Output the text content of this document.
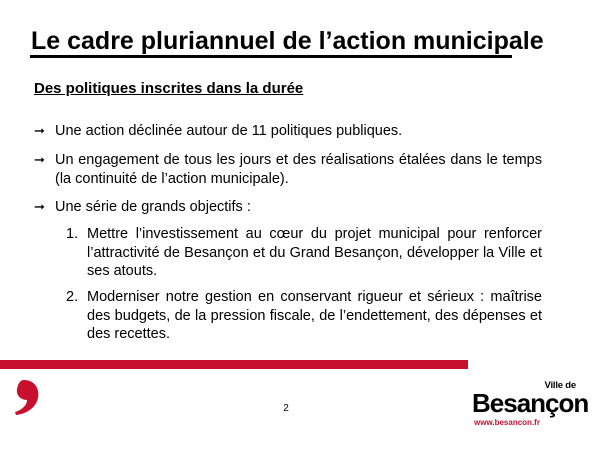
Le cadre pluriannuel de l’action municipale
Des politiques inscrites dans la durée
➞ Une action déclinée autour de 11 politiques publiques.
➞ Un engagement de tous les jours et des réalisations étalées dans le temps (la continuité de l’action municipale).
➞ Une série de grands objectifs :
1. Mettre l’investissement au cœur du projet municipal pour renforcer l’attractivité de Besançon et du Grand Besançon, développer la Ville et ses atouts.
2. Moderniser notre gestion en conservant rigueur et sérieux : maîtrise des budgets, de la pression fiscale, de l’endettement, des dépenses et des recettes.
2
Ville de
Besançon
www.besancon.fr
